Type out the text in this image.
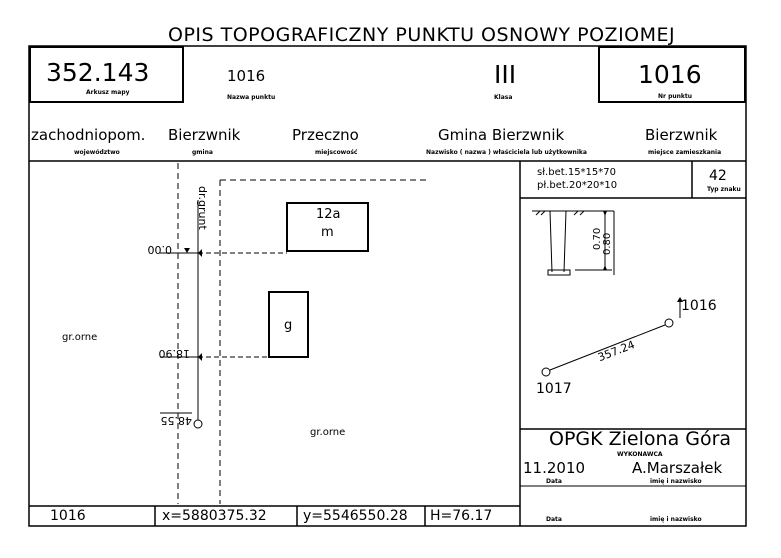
OPIS TOPOGRAFICZNY PUNKTU OSNOWY POZIOMEJ
352.143
Arkusz mapy
1016
Nazwa punktu
III
Klasa
1016
Nr punktu
zachodniopom.
województwo
Bierzwnik
gmina
Przeczno
miejscowość
Gmina Bierzwnik
Nazwisko ( nazwa ) właściciela lub użytkownika
Bierzwnik
miejsce zamieszkania
sł.bet.15*15*70
pł.bet.20*20*10
42
Typ znaku
dr.grunt	12a
m
g
gr.orne
gr.orne
0.00
18.90
48.55
0.70 0.80
1016
1017
357.24
OPGK Zielona Góra
WYKONAWCA
11.2010
Data
A.Marszałek
imię i nazwisko
Data	imię i nazwisko
1016	x=5880375.32	y=5546550.28 H=76.17
